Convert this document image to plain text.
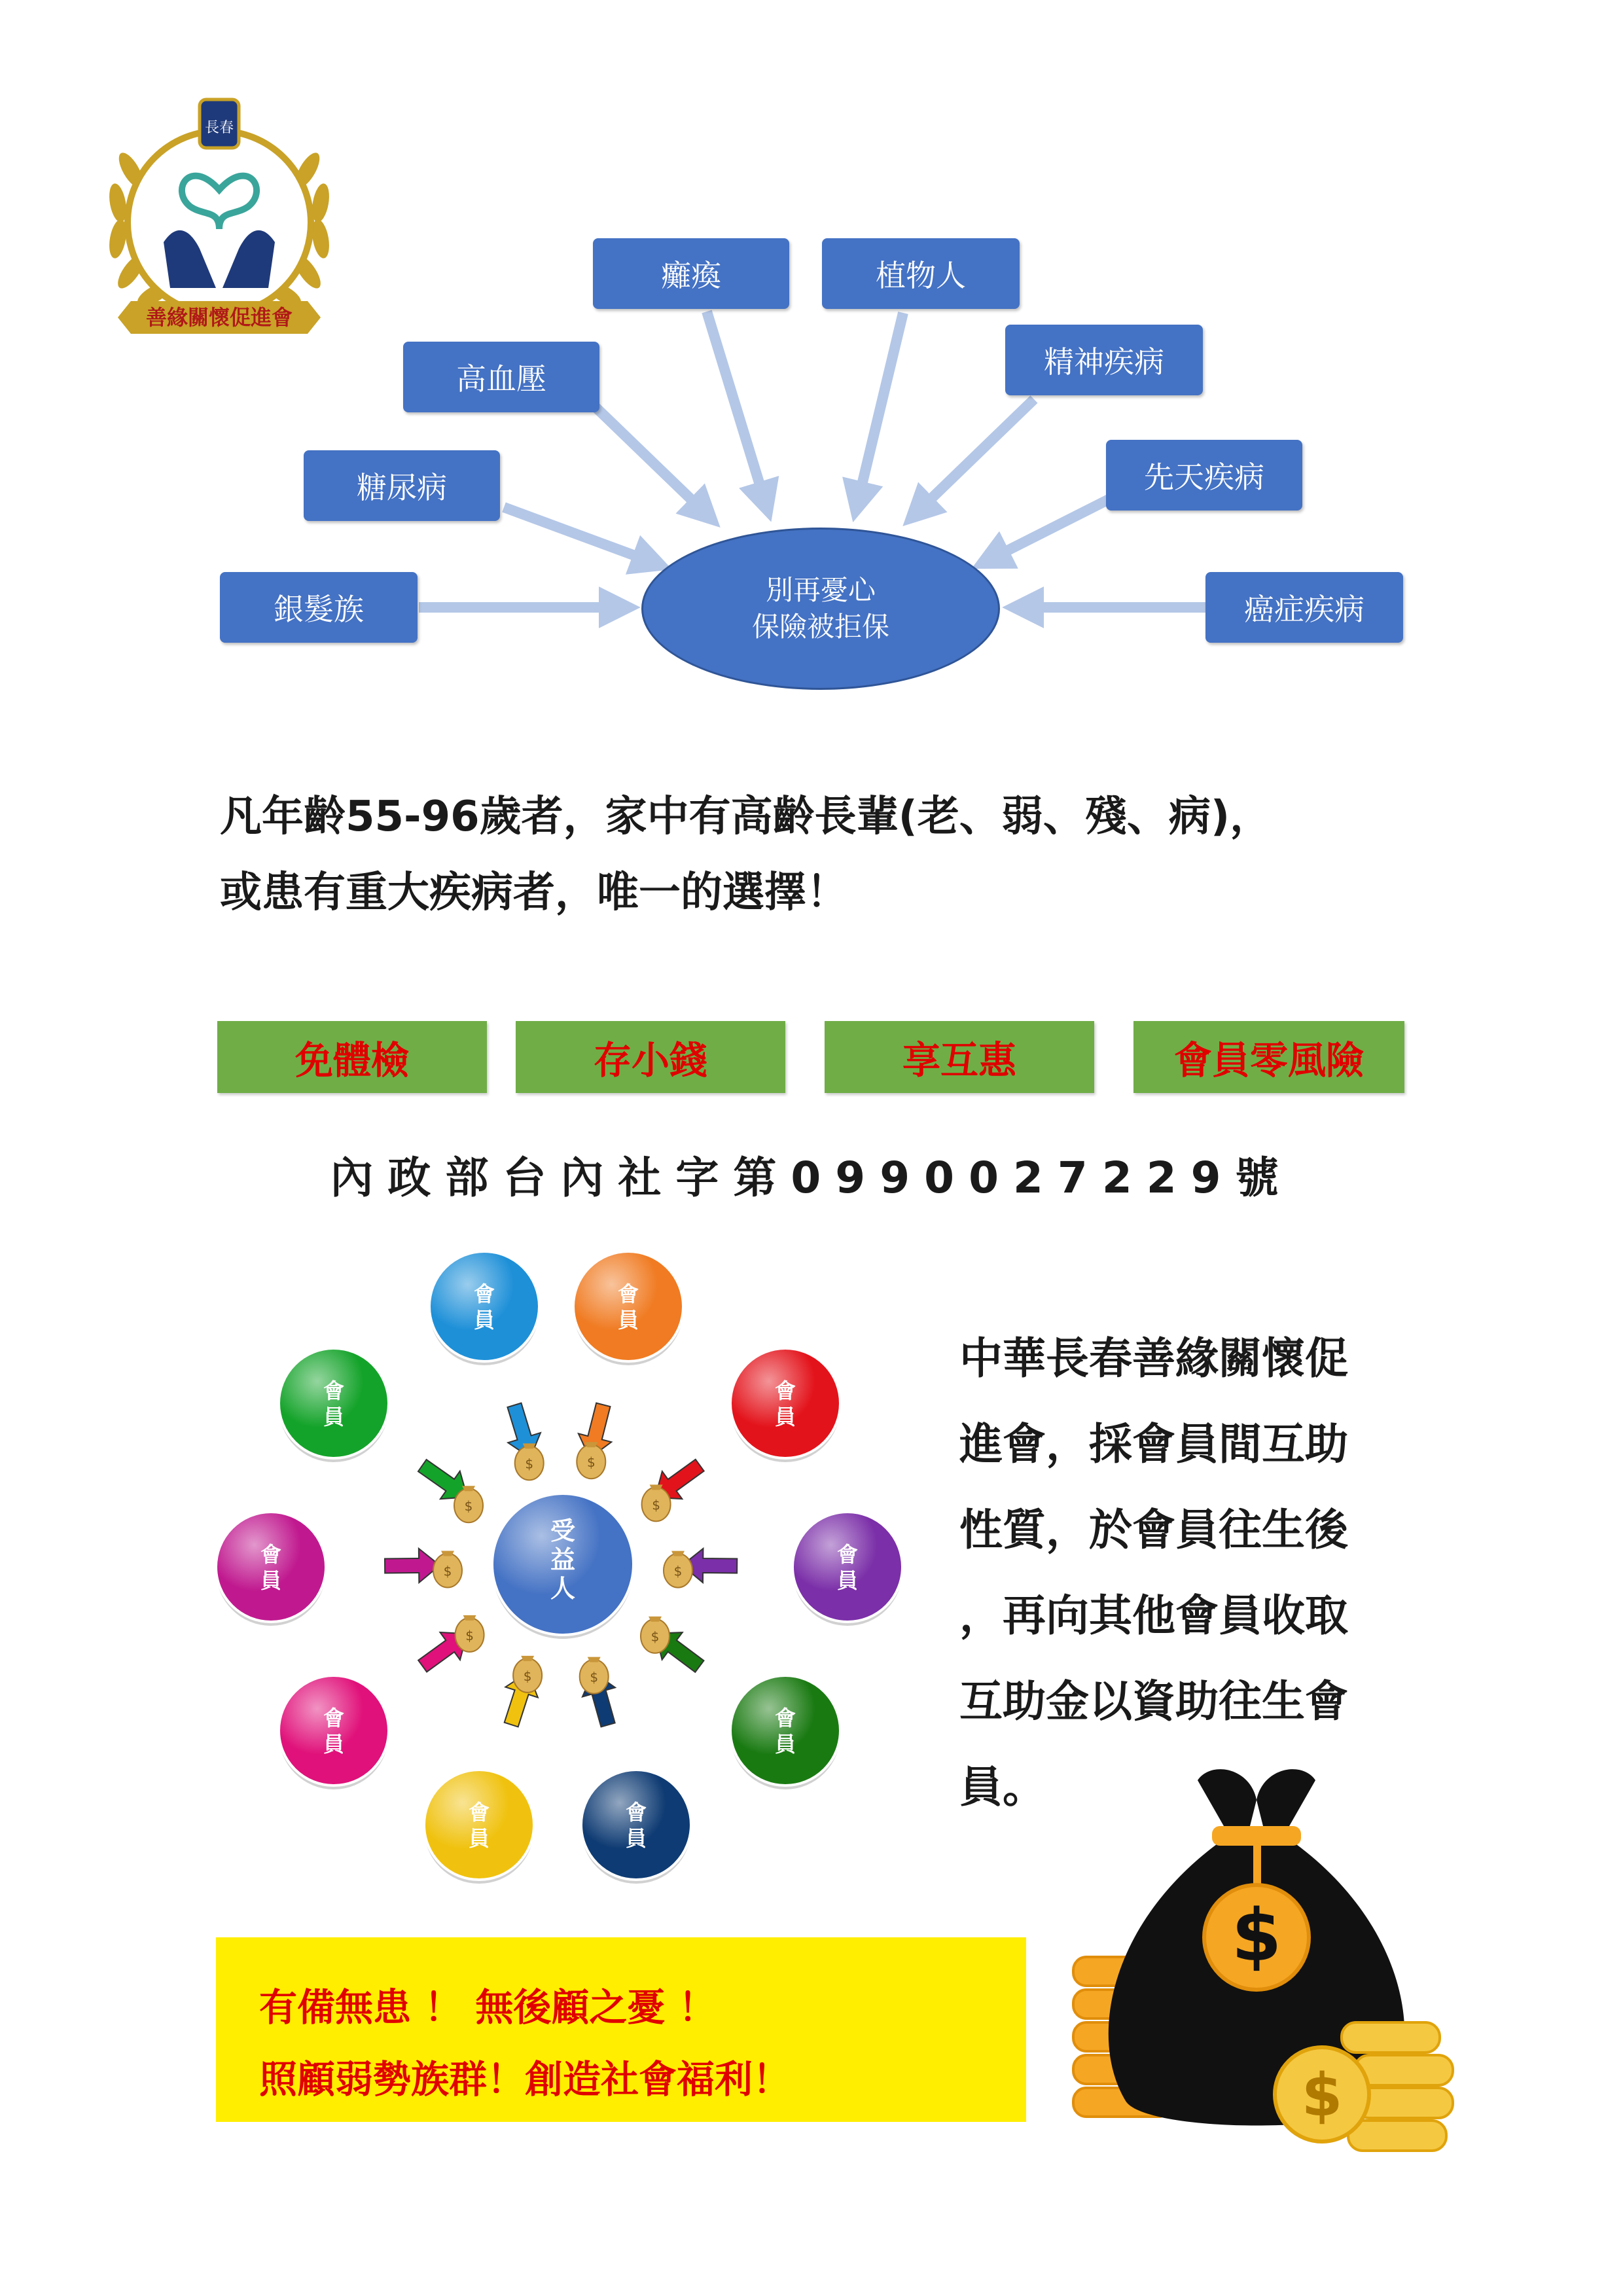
長春
善緣關懷促進會
癱瘓	植物人
高血壓	精神疾病
糖尿病	先天疾病
銀髮族	癌症疾病
別再憂心
保險被拒保
凡年齡55-96歲者，家中有高齡長輩(老、弱、殘、病)，
或患有重大疾病者，唯一的選擇！
免體檢	存小錢	享互惠	會員零風險
內政部台內社字第0990027229號
$	$
$
$
$
$
$
$
$
$
會
員
會
員
會
員
會
員
會
員
會
員
會
員
會
員
會
員
會
員
受
益
人
中華長春善緣關懷促
進會，採會員間互助
性質，於會員往生後
，再向其他會員收取
互助金以資助往生會
員。
$
$
有備無患 ！ 無後顧之憂 ！
照顧弱勢族群！創造社會福利！
